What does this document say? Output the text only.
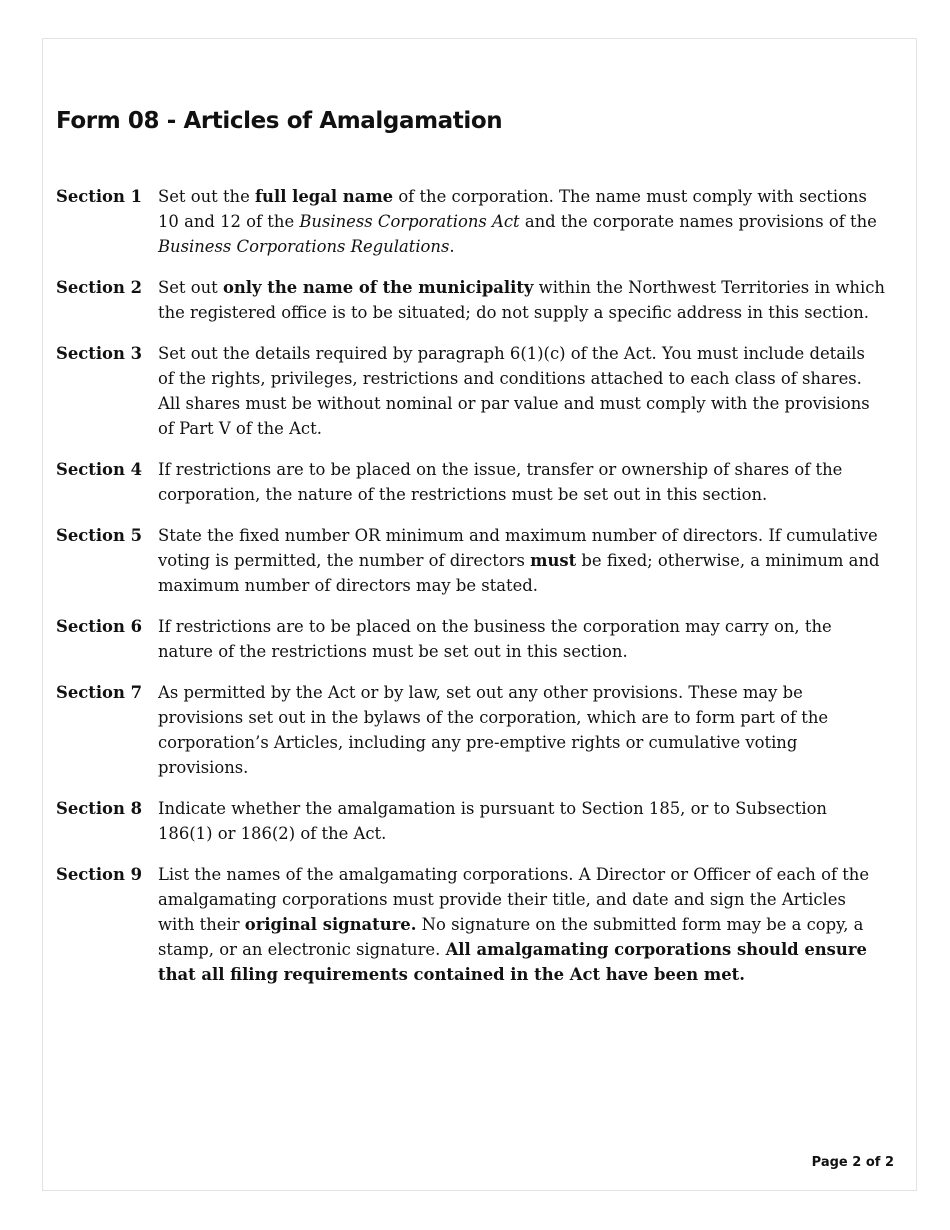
Form 08 - Articles of Amalgamation
Section 1 Set out the full legal name of the corporation. The name must comply with sections 10 and 12 of the Business Corporations Act and the corporate names provisions of the Business Corporations Regulations.
Section 2 Set out only the name of the municipality within the Northwest Territories in which the registered office is to be situated; do not supply a specific address in this section.
Section 3 Set out the details required by paragraph 6(1)(c) of the Act. You must include details of the rights, privileges, restrictions and conditions attached to each class of shares. All shares must be without nominal or par value and must comply with the provisions of Part V of the Act.
Section 4 If restrictions are to be placed on the issue, transfer or ownership of shares of the corporation, the nature of the restrictions must be set out in this section.
Section 5 State the fixed number OR minimum and maximum number of directors. If cumulative voting is permitted, the number of directors must be fixed; otherwise, a minimum and maximum number of directors may be stated.
Section 6 If restrictions are to be placed on the business the corporation may carry on, the nature of the restrictions must be set out in this section.
Section 7 As permitted by the Act or by law, set out any other provisions. These may be provisions set out in the bylaws of the corporation, which are to form part of the corporation’s Articles, including any pre-emptive rights or cumulative voting provisions.
Section 8 Indicate whether the amalgamation is pursuant to Section 185, or to Subsection 186(1) or 186(2) of the Act.
Section 9 List the names of the amalgamating corporations. A Director or Officer of each of the amalgamating corporations must provide their title, and date and sign the Articles with their original signature. No signature on the submitted form may be a copy, a stamp, or an electronic signature. All amalgamating corporations should ensure that all filing requirements contained in the Act have been met.
Page 2 of 2
